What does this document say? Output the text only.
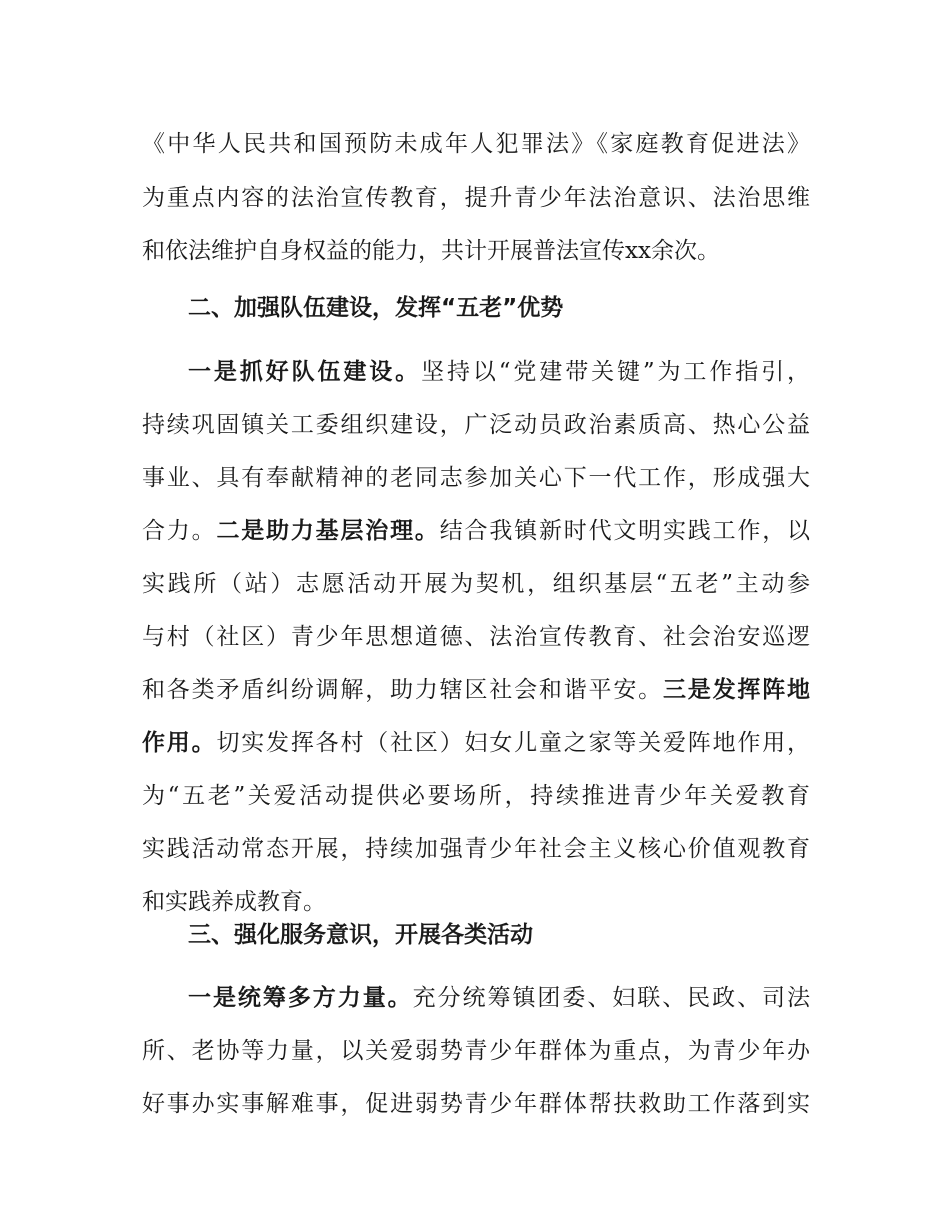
《中华人民共和国预防未成年人犯罪法》《家庭教育促进法》
为重点内容的法治宣传教育，提升青少年法治意识、法治思维
和依法维护自身权益的能力，共计开展普法宣传xx余次。
二、加强队伍建设，发挥“五老”优势
一是抓好队伍建设。坚持以“党建带关键”为工作指引，
持续巩固镇关工委组织建设，广泛动员政治素质高、热心公益
事业、具有奉献精神的老同志参加关心下一代工作，形成强大
合力。二是助力基层治理。结合我镇新时代文明实践工作，以
实践所（站）志愿活动开展为契机，组织基层“五老”主动参
与村（社区）青少年思想道德、法治宣传教育、社会治安巡逻
和各类矛盾纠纷调解，助力辖区社会和谐平安。三是发挥阵地
作用。切实发挥各村（社区）妇女儿童之家等关爱阵地作用，
为“五老”关爱活动提供必要场所，持续推进青少年关爱教育
实践活动常态开展，持续加强青少年社会主义核心价值观教育
和实践养成教育。
三、强化服务意识，开展各类活动
一是统筹多方力量。充分统筹镇团委、妇联、民政、司法
所、老协等力量，以关爱弱势青少年群体为重点，为青少年办
好事办实事解难事，促进弱势青少年群体帮扶救助工作落到实
